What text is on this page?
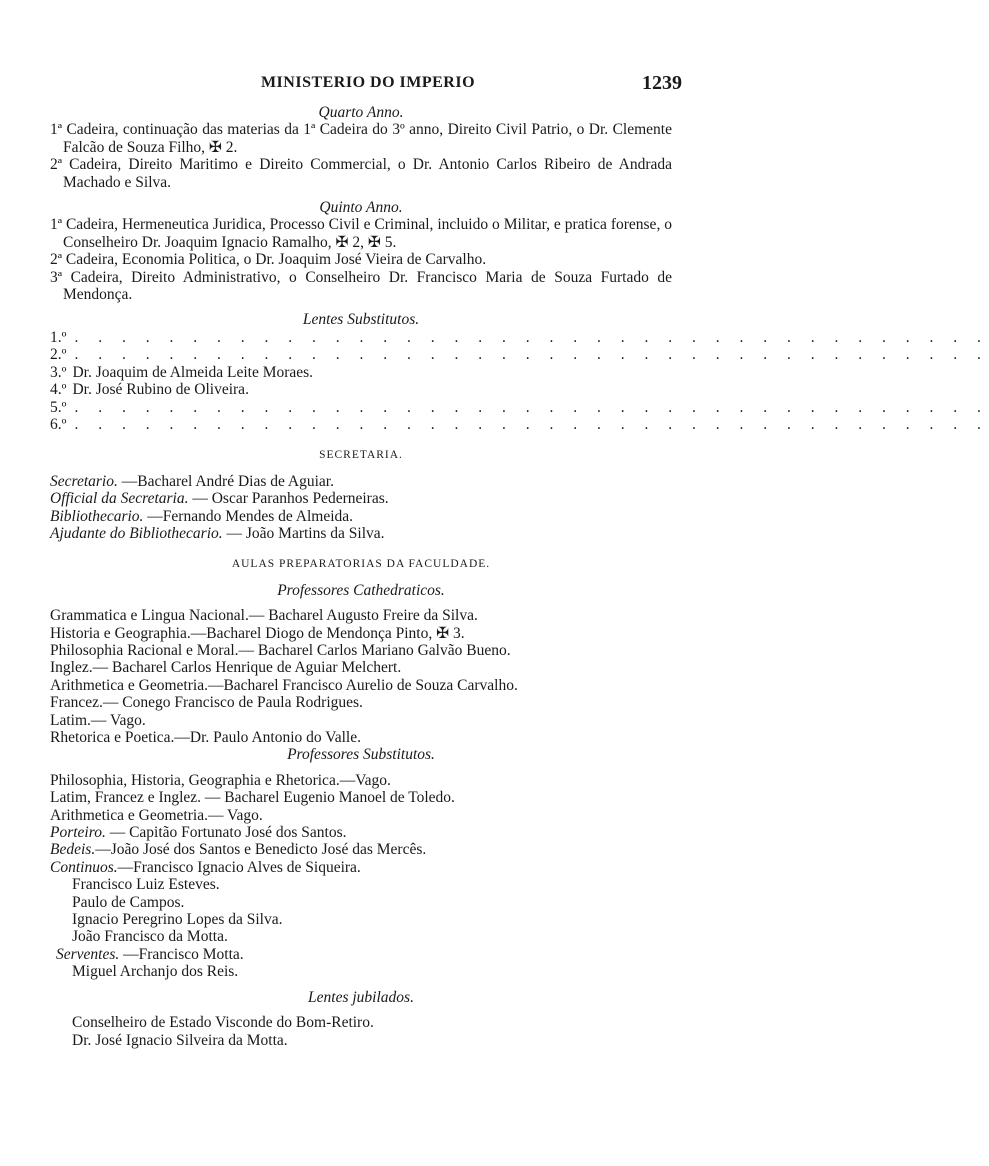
MINISTERIO DO IMPERIO	1239

Quarto Anno.

1ª Cadeira, continuação das materias da 1ª Cadeira do 3º anno, Direito Civil Patrio, o Dr. Clemente Falcão de Souza Filho, ✠ 2.

2ª Cadeira, Direito Maritimo e Direito Commercial, o Dr. Antonio Carlos Ribeiro de Andrada Machado e Silva.

Quinto Anno.

1ª Cadeira, Hermeneutica Juridica, Processo Civil e Criminal, incluido o Militar, e pratica forense, o Conselheiro Dr. Joaquim Ignacio Ramalho, ✠ 2, ✠ 5.

2ª Cadeira, Economia Politica, o Dr. Joaquim José Vieira de Carvalho.

3ª Cadeira, Direito Administrativo, o Conselheiro Dr. Francisco Maria de Souza Furtado de Mendonça.

Lentes Substitutos.

1.º . . . . . . . . . . . . . . . . . . . . . . . . . . . . . . . . . . . . . . .
2.º . . . . . . . . . . . . . . . . . . . . . . . . . . . . . . . . . . . . . . .
3.º Dr. Joaquim de Almeida Leite Moraes.
4.º Dr. José Rubino de Oliveira.
5.º . . . . . . . . . . . . . . . . . . . . . . . . . . . . . . . . . . . . . . .
6.º . . . . . . . . . . . . . . . . . . . . . . . . . . . . . . . . . . . . . . .

SECRETARIA.

Secretario. —Bacharel André Dias de Aguiar.

Official da Secretaria. — Oscar Paranhos Pederneiras.

Bibliothecario. —Fernando Mendes de Almeida.

Ajudante do Bibliothecario. — João Martins da Silva.

AULAS PREPARATORIAS DA FACULDADE.

Professores Cathedraticos.

Grammatica e Lingua Nacional.— Bacharel Augusto Freire da Silva.

Historia e Geographia.—Bacharel Diogo de Mendonça Pinto, ✠ 3.

Philosophia Racional e Moral.— Bacharel Carlos Mariano Galvão Bueno.

Inglez.— Bacharel Carlos Henrique de Aguiar Melchert.

Arithmetica e Geometria.—Bacharel Francisco Aurelio de Souza Carvalho.

Francez.— Conego Francisco de Paula Rodrigues.

Latim.— Vago.

Rhetorica e Poetica.—Dr. Paulo Antonio do Valle.

Professores Substitutos.

Philosophia, Historia, Geographia e Rhetorica.—Vago.

Latim, Francez e Inglez. — Bacharel Eugenio Manoel de Toledo.

Arithmetica e Geometria.— Vago.

Porteiro. — Capitão Fortunato José dos Santos.

Bedeis.—João José dos Santos e Benedicto José das Mercês.

Continuos.—Francisco Ignacio Alves de Siqueira.

Francisco Luiz Esteves.

Paulo de Campos.

Ignacio Peregrino Lopes da Silva.

João Francisco da Motta.

Serventes. —Francisco Motta.

Miguel Archanjo dos Reis.

Lentes jubilados.

Conselheiro de Estado Visconde do Bom-Retiro.

Dr. José Ignacio Silveira da Motta.
